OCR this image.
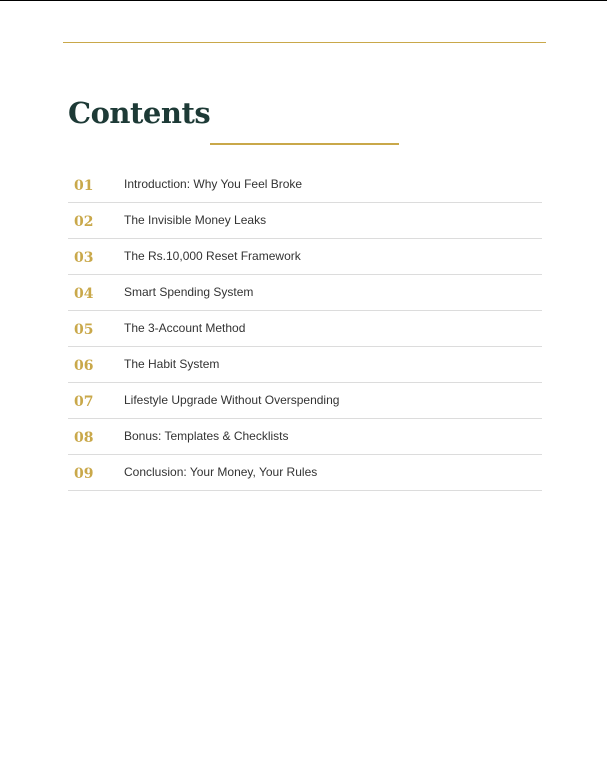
Contents
01	Introduction: Why You Feel Broke
02	The Invisible Money Leaks
03	The Rs.10,000 Reset Framework
04	Smart Spending System
05	The 3-Account Method
06	The Habit System
07	Lifestyle Upgrade Without Overspending
08	Bonus: Templates & Checklists
09	Conclusion: Your Money, Your Rules
